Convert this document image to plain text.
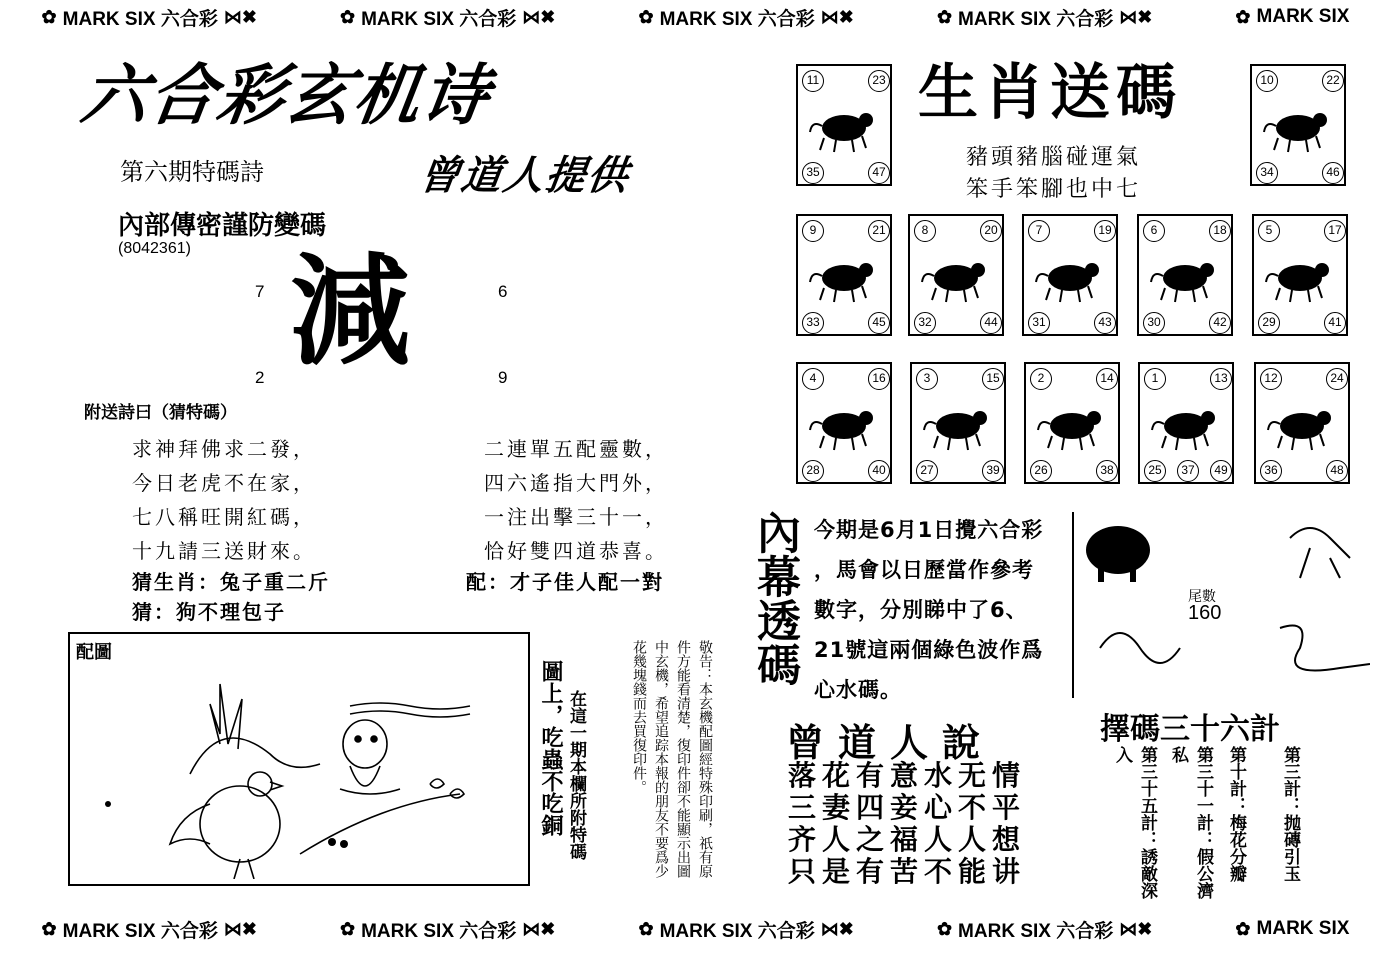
✿ MARK SIX 六合彩 ⋈✖	✿ MARK SIX 六合彩 ⋈✖	✿ MARK SIX 六合彩 ⋈✖	✿ MARK SIX 六合彩 ⋈✖	✿ MARK SIX
六合彩玄机诗
第六期特碼詩	曾道人提供
內部傳密謹防變碼
(8042361)
7	6
2	9
減
附送詩曰（猜特碼）
求神拜佛求二發，
今日老虎不在家，
七八稱旺開紅碼，
十九請三送財來。
二連單五配靈數，
四六遙指大門外，
一注出擊三十一，
恰好雙四道恭喜。
猜生肖：兔子重二斤	配：才子佳人配一對
猜：狗不理包子
配圖
在這一期本欄所附特碼
圖上，吃蟲不吃銅	敬告：本玄機配圖經特殊印刷，祇有原件方能看清楚，復印件卻不能顯示出圖中玄機，希望追踪本報的朋友不要爲少花幾塊錢而去買復印件。
生肖送碼
豬頭豬腦碰運氣
笨手笨腳也中七
11	23
35	47
10	22
34	46
9	21
33	45
8	20
32	44
7	19
31	43
6	18
30	42
5	17
29	41
4	16
28	40
3	15
27	39
2	14
26	38
1	13
25	37	49
12	24
36	48
內幕透碼 今期是6月1日攪六合彩
，馬會以日歷當作參考
數字，分別睇中了6、
21號這兩個綠色波作爲
心水碼。
尾數
160
曾道人說
落花有意水无情
三妻四妾心不平
齐人之福人人想
只是有苦不能讲
擇碼三十六計
第三計：抛磚引玉
第十計：梅花分瓣
第三十一計：假公濟私
第三十五計：誘敵深入
✿ MARK SIX 六合彩 ⋈✖	✿ MARK SIX 六合彩 ⋈✖	✿ MARK SIX 六合彩 ⋈✖	✿ MARK SIX 六合彩 ⋈✖	✿ MARK SIX
